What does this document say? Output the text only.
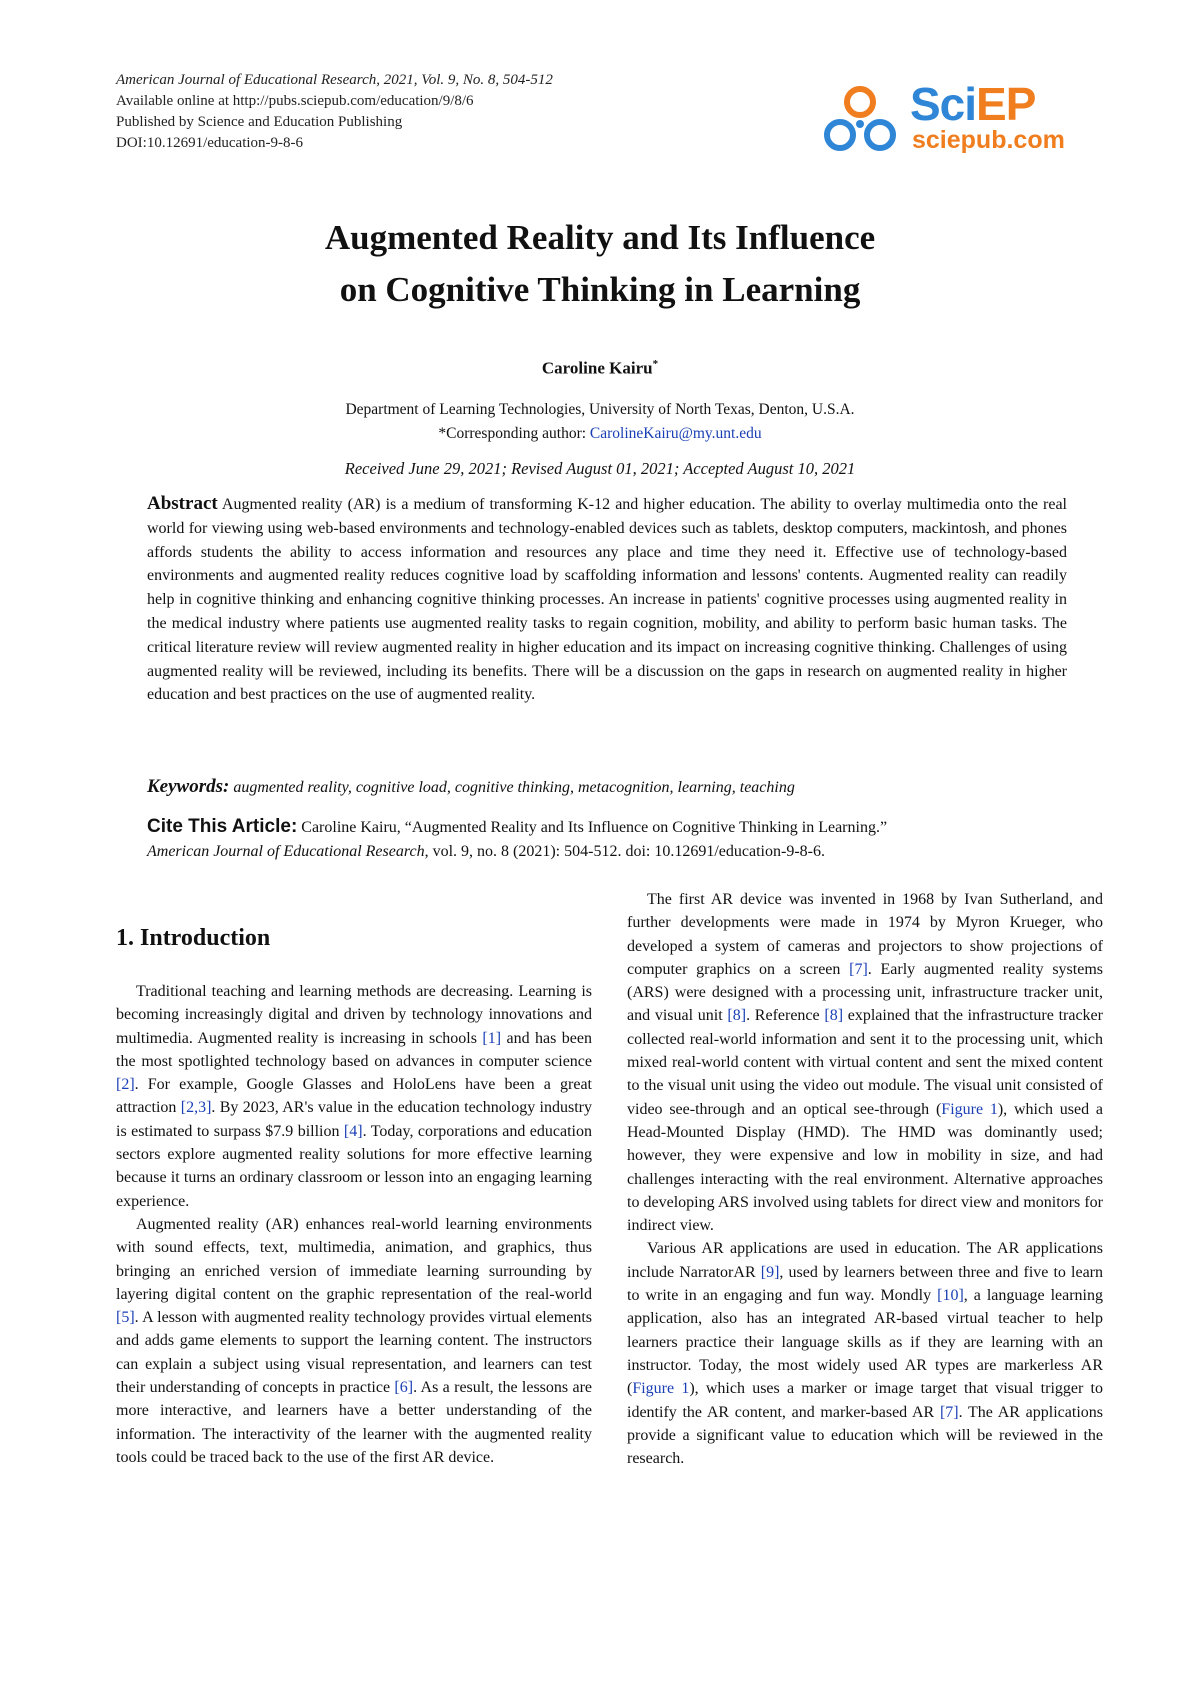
American Journal of Educational Research, 2021, Vol. 9, No. 8, 504-512
Available online at http://pubs.sciepub.com/education/9/8/6
Published by Science and Education Publishing
DOI:10.12691/education-9-8-6
SciEP
sciepub.com
Augmented Reality and Its Influence
on Cognitive Thinking in Learning
Caroline Kairu*
Department of Learning Technologies, University of North Texas, Denton, U.S.A.
*Corresponding author: CarolineKairu@my.unt.edu
Received June 29, 2021; Revised August 01, 2021; Accepted August 10, 2021
Abstract Augmented reality (AR) is a medium of transforming K-12 and higher education. The ability to overlay multimedia onto the real world for viewing using web-based environments and technology-enabled devices such as tablets, desktop computers, mackintosh, and phones affords students the ability to access information and resources any place and time they need it. Effective use of technology-based environments and augmented reality reduces cognitive load by scaffolding information and lessons' contents. Augmented reality can readily help in cognitive thinking and enhancing cognitive thinking processes. An increase in patients' cognitive processes using augmented reality in the medical industry where patients use augmented reality tasks to regain cognition, mobility, and ability to perform basic human tasks. The critical literature review will review augmented reality in higher education and its impact on increasing cognitive thinking. Challenges of using augmented reality will be reviewed, including its benefits. There will be a discussion on the gaps in research on augmented reality in higher education and best practices on the use of augmented reality.
Keywords: augmented reality, cognitive load, cognitive thinking, metacognition, learning, teaching
Cite This Article: Caroline Kairu, “Augmented Reality and Its Influence on Cognitive Thinking in Learning.”
American Journal of Educational Research, vol. 9, no. 8 (2021): 504-512. doi: 10.12691/education-9-8-6.
1. Introduction

Traditional teaching and learning methods are decreasing. Learning is becoming increasingly digital and driven by technology innovations and multimedia. Augmented reality is increasing in schools [1] and has been the most spotlighted technology based on advances in computer science [2]. For example, Google Glasses and HoloLens have been a great attraction [2,3]. By 2023, AR's value in the education technology industry is estimated to surpass $7.9 billion [4]. Today, corporations and education sectors explore augmented reality solutions for more effective learning because it turns an ordinary classroom or lesson into an engaging learning experience.

Augmented reality (AR) enhances real-world learning environments with sound effects, text, multimedia, animation, and graphics, thus bringing an enriched version of immediate learning surrounding by layering digital content on the graphic representation of the real-world [5]. A lesson with augmented reality technology provides virtual elements and adds game elements to support the learning content. The instructors can explain a subject using visual representation, and learners can test their understanding of concepts in practice [6]. As a result, the lessons are more interactive, and learners have a better understanding of the information. The interactivity of the learner with the augmented reality tools could be traced back to the use of the first AR device.

The first AR device was invented in 1968 by Ivan Sutherland, and further developments were made in 1974 by Myron Krueger, who developed a system of cameras and projectors to show projections of computer graphics on a screen [7]. Early augmented reality systems (ARS) were designed with a processing unit, infrastructure tracker unit, and visual unit [8]. Reference [8] explained that the infrastructure tracker collected real-world information and sent it to the processing unit, which mixed real-world content with virtual content and sent the mixed content to the visual unit using the video out module. The visual unit consisted of video see-through and an optical see-through (Figure 1), which used a Head-Mounted Display (HMD). The HMD was dominantly used; however, they were expensive and low in mobility in size, and had challenges interacting with the real environment. Alternative approaches to developing ARS involved using tablets for direct view and monitors for indirect view.

Various AR applications are used in education. The AR applications include NarratorAR [9], used by learners between three and five to learn to write in an engaging and fun way. Mondly [10], a language learning application, also has an integrated AR-based virtual teacher to help learners practice their language skills as if they are learning with an instructor. Today, the most widely used AR types are markerless AR (Figure 1), which uses a marker or image target that visual trigger to identify the AR content, and marker-based AR [7]. The AR applications provide a significant value to education which will be reviewed in the research.
